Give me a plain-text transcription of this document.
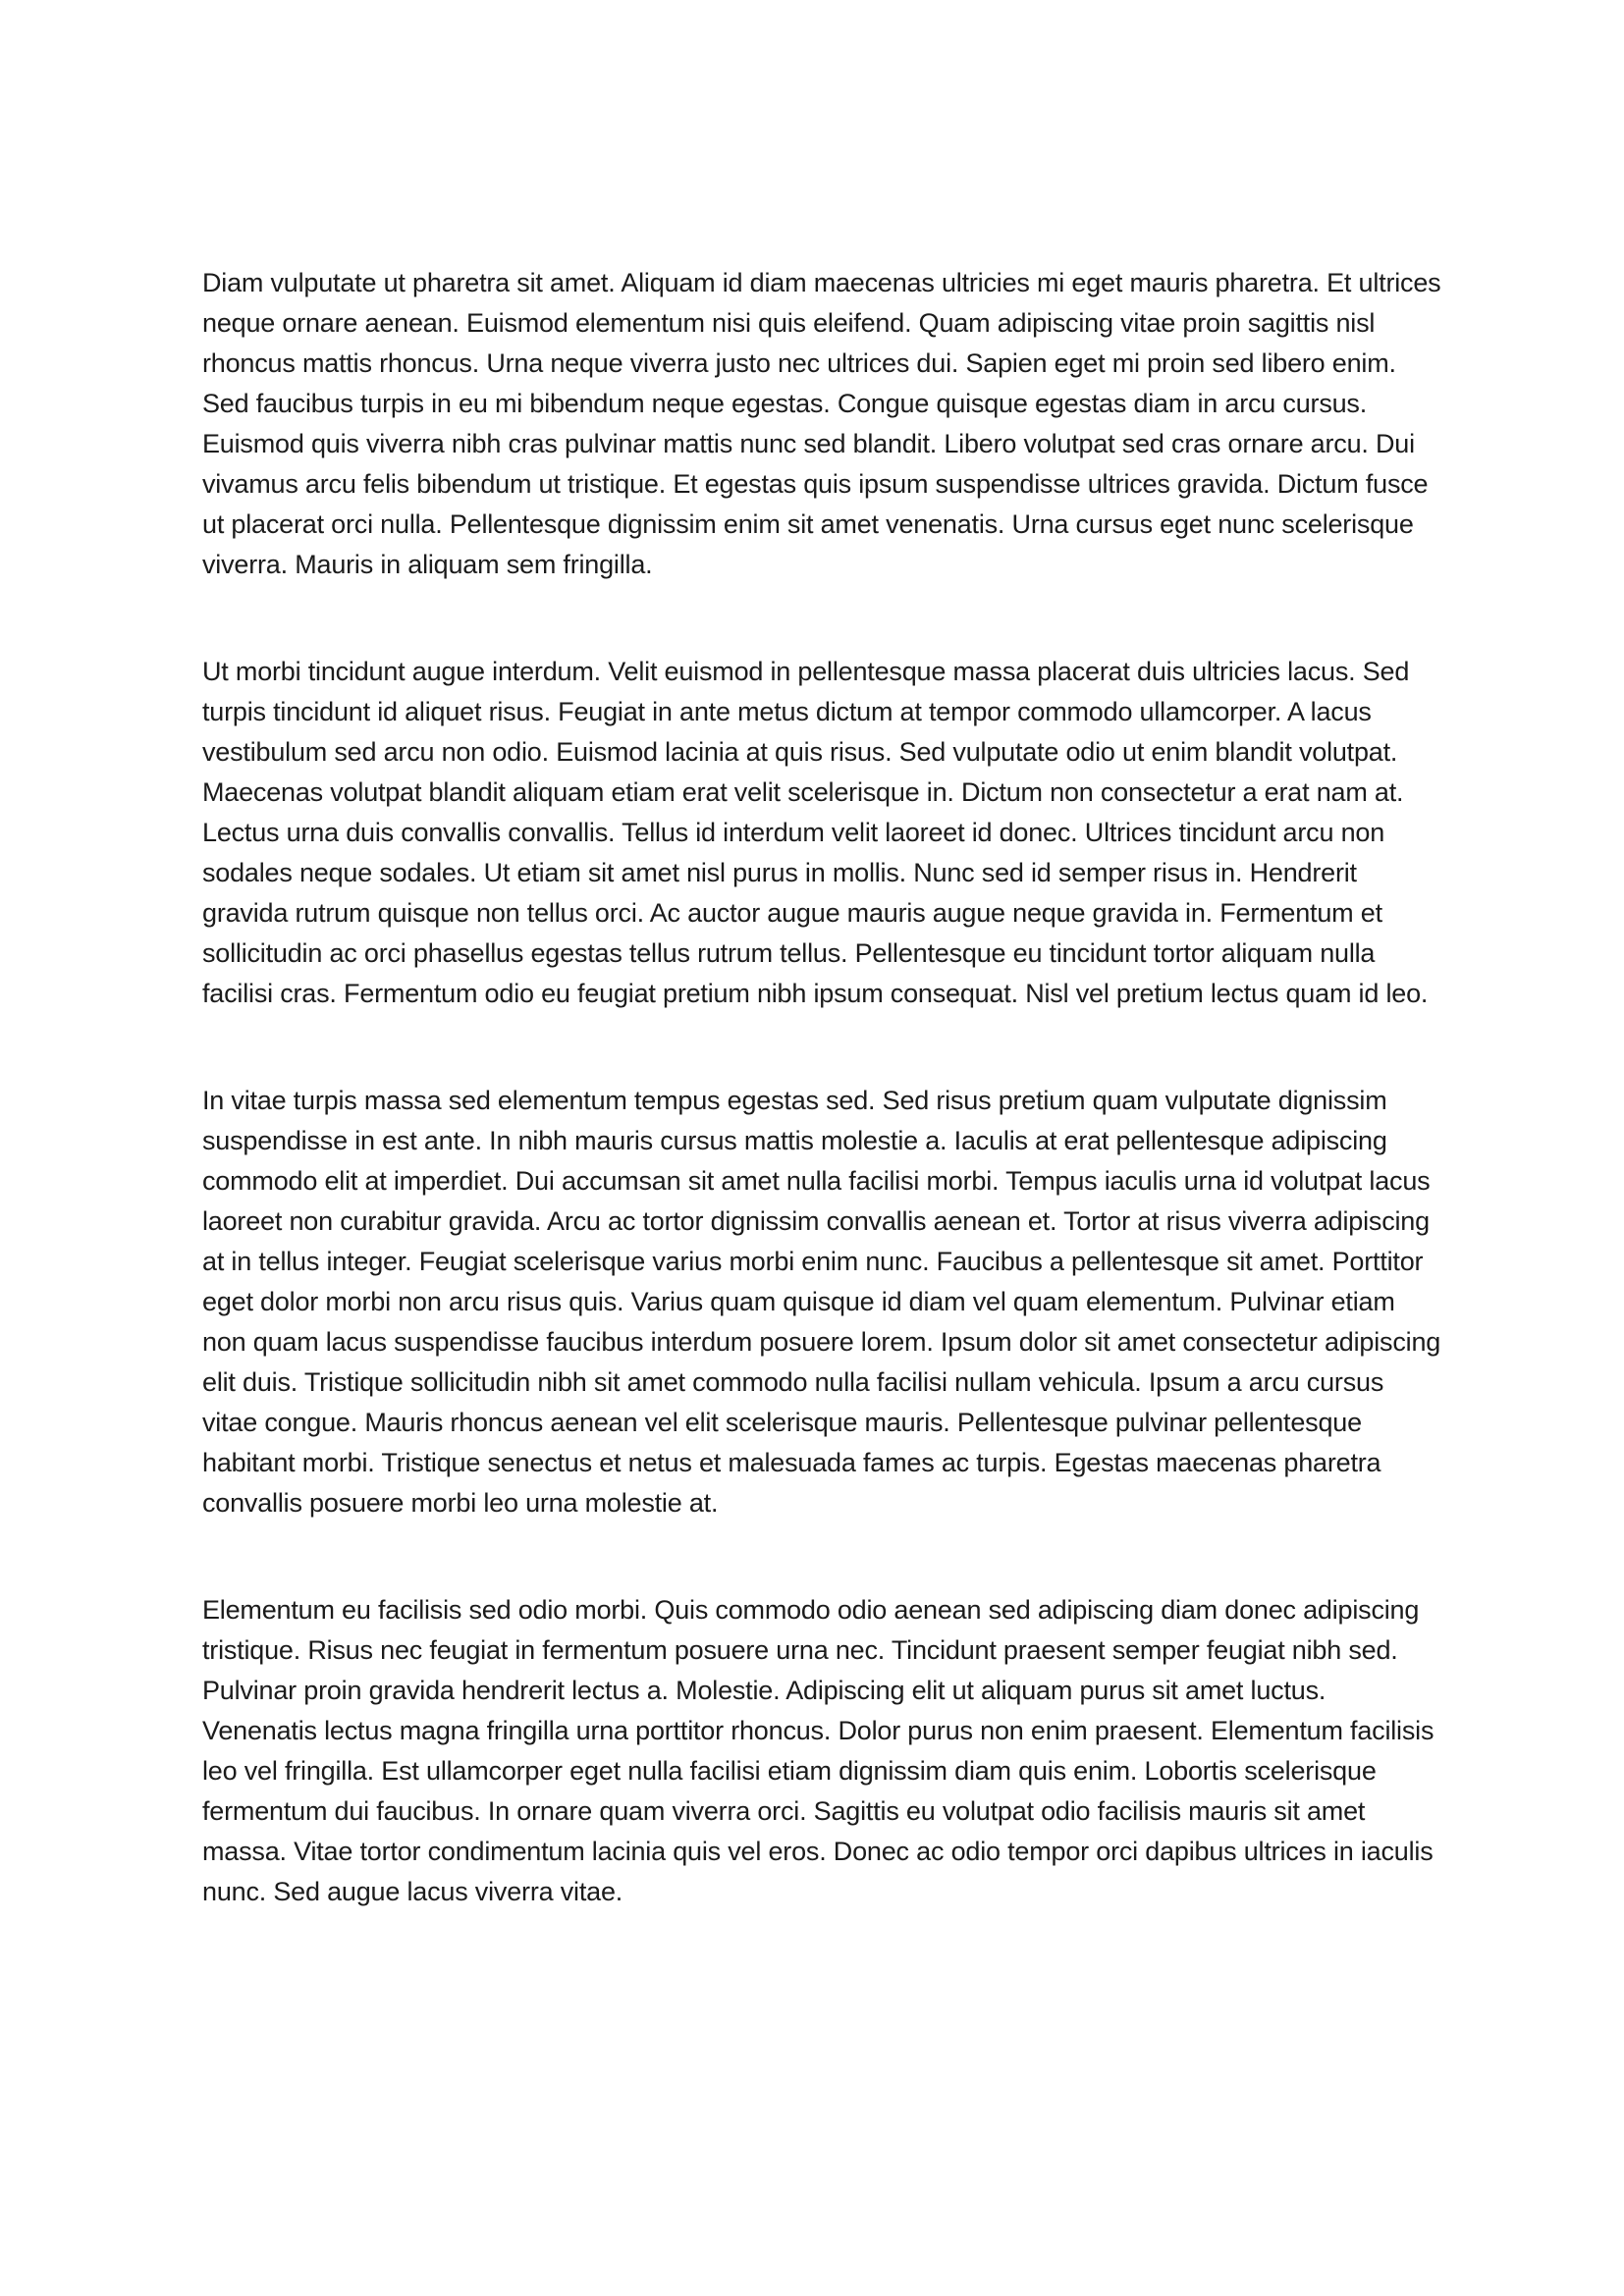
Diam vulputate ut pharetra sit amet. Aliquam id diam maecenas ultricies mi eget mauris pharetra. Et ultrices neque ornare aenean. Euismod elementum nisi quis eleifend. Quam adipiscing vitae proin sagittis nisl rhoncus mattis rhoncus. Urna neque viverra justo nec ultrices dui. Sapien eget mi proin sed libero enim. Sed faucibus turpis in eu mi bibendum neque egestas. Congue quisque egestas diam in arcu cursus. Euismod quis viverra nibh cras pulvinar mattis nunc sed blandit. Libero volutpat sed cras ornare arcu. Dui vivamus arcu felis bibendum ut tristique. Et egestas quis ipsum suspendisse ultrices gravida. Dictum fusce ut placerat orci nulla. Pellentesque dignissim enim sit amet venenatis. Urna cursus eget nunc scelerisque viverra. Mauris in aliquam sem fringilla.

Ut morbi tincidunt augue interdum. Velit euismod in pellentesque massa placerat duis ultricies lacus. Sed turpis tincidunt id aliquet risus. Feugiat in ante metus dictum at tempor commodo ullamcorper. A lacus vestibulum sed arcu non odio. Euismod lacinia at quis risus. Sed vulputate odio ut enim blandit volutpat. Maecenas volutpat blandit aliquam etiam erat velit scelerisque in. Dictum non consectetur a erat nam at. Lectus urna duis convallis convallis. Tellus id interdum velit laoreet id donec. Ultrices tincidunt arcu non sodales neque sodales. Ut etiam sit amet nisl purus in mollis. Nunc sed id semper risus in. Hendrerit gravida rutrum quisque non tellus orci. Ac auctor augue mauris augue neque gravida in. Fermentum et sollicitudin ac orci phasellus egestas tellus rutrum tellus. Pellentesque eu tincidunt tortor aliquam nulla facilisi cras. Fermentum odio eu feugiat pretium nibh ipsum consequat. Nisl vel pretium lectus quam id leo.

In vitae turpis massa sed elementum tempus egestas sed. Sed risus pretium quam vulputate dignissim suspendisse in est ante. In nibh mauris cursus mattis molestie a. Iaculis at erat pellentesque adipiscing commodo elit at imperdiet. Dui accumsan sit amet nulla facilisi morbi. Tempus iaculis urna id volutpat lacus laoreet non curabitur gravida. Arcu ac tortor dignissim convallis aenean et. Tortor at risus viverra adipiscing at in tellus integer. Feugiat scelerisque varius morbi enim nunc. Faucibus a pellentesque sit amet. Porttitor eget dolor morbi non arcu risus quis. Varius quam quisque id diam vel quam elementum. Pulvinar etiam non quam lacus suspendisse faucibus interdum posuere lorem. Ipsum dolor sit amet consectetur adipiscing elit duis. Tristique sollicitudin nibh sit amet commodo nulla facilisi nullam vehicula. Ipsum a arcu cursus vitae congue. Mauris rhoncus aenean vel elit scelerisque mauris. Pellentesque pulvinar pellentesque habitant morbi. Tristique senectus et netus et malesuada fames ac turpis. Egestas maecenas pharetra convallis posuere morbi leo urna molestie at.

Elementum eu facilisis sed odio morbi. Quis commodo odio aenean sed adipiscing diam donec adipiscing tristique. Risus nec feugiat in fermentum posuere urna nec. Tincidunt praesent semper feugiat nibh sed. Pulvinar proin gravida hendrerit lectus a. Molestie. Adipiscing elit ut aliquam purus sit amet luctus. Venenatis lectus magna fringilla urna porttitor rhoncus. Dolor purus non enim praesent. Elementum facilisis leo vel fringilla. Est ullamcorper eget nulla facilisi etiam dignissim diam quis enim. Lobortis scelerisque fermentum dui faucibus. In ornare quam viverra orci. Sagittis eu volutpat odio facilisis mauris sit amet massa. Vitae tortor condimentum lacinia quis vel eros. Donec ac odio tempor orci dapibus ultrices in iaculis nunc. Sed augue lacus viverra vitae.
